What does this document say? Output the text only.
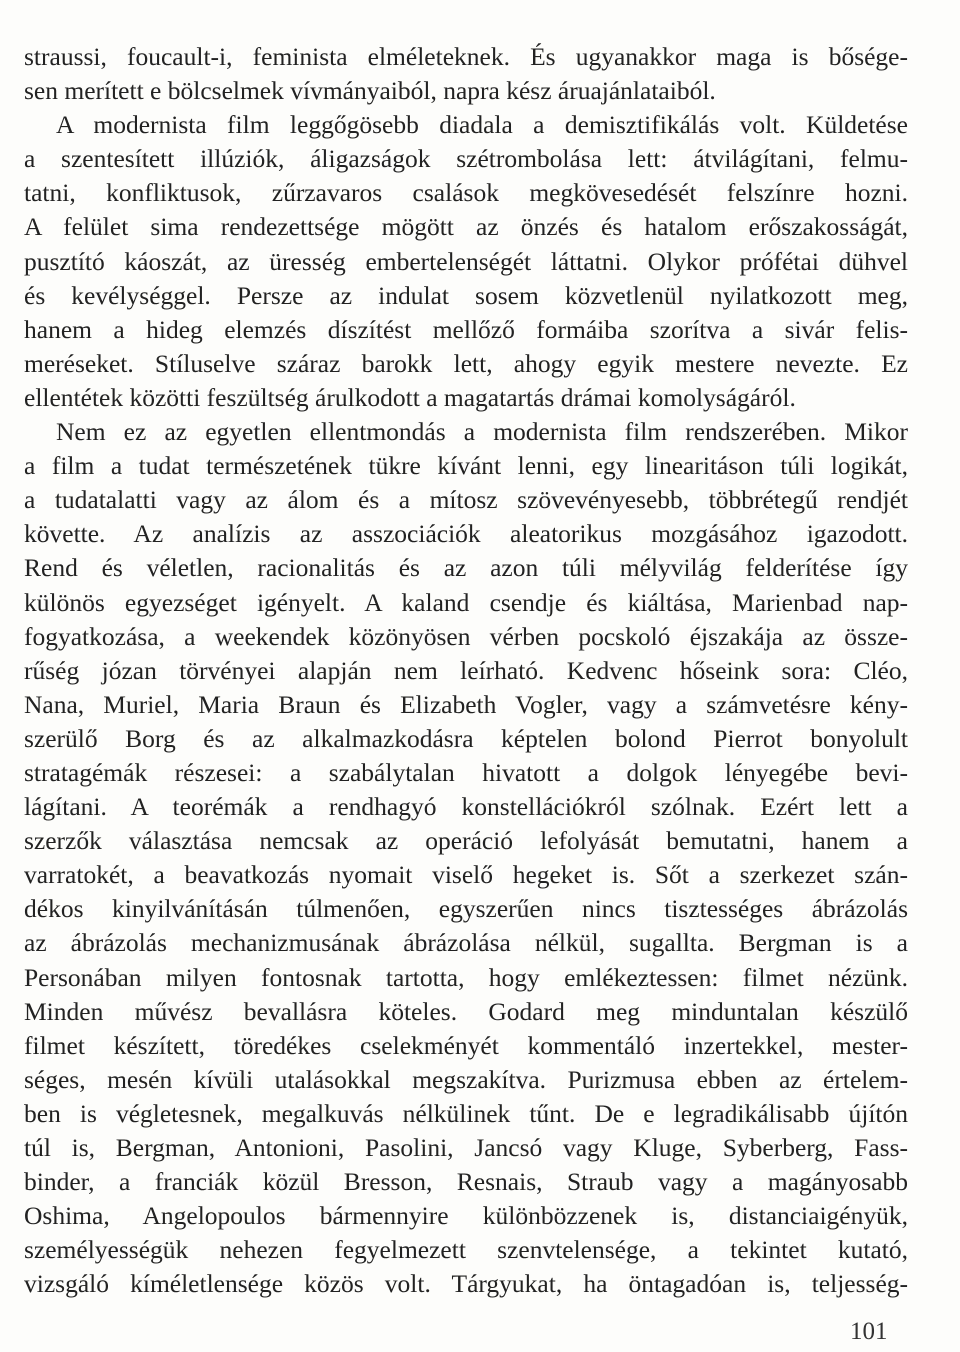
straussi, foucault-i, feminista elméleteknek. És ugyanakkor maga is bősége-
sen merített e bölcselmek vívmányaiból, napra kész áruajánlataiból.
A modernista film leggőgösebb diadala a demisztifikálás volt. Küldetése
a szentesített illúziók, áligazságok szétrombolása lett: átvilágítani, felmu-
tatni, konfliktusok, zűrzavaros csalások megkövesedését felszínre hozni.
A felület sima rendezettsége mögött az önzés és hatalom erőszakosságát,
pusztító káoszát, az üresség embertelenségét láttatni. Olykor prófétai dühvel
és kevélységgel. Persze az indulat sosem közvetlenül nyilatkozott meg,
hanem a hideg elemzés díszítést mellőző formáiba szorítva a sivár felis-
meréseket. Stíluselve száraz barokk lett, ahogy egyik mestere nevezte. Ez
ellentétek közötti feszültség árulkodott a magatartás drámai komolyságáról.
Nem ez az egyetlen ellentmondás a modernista film rendszerében. Mikor
a film a tudat természetének tükre kívánt lenni, egy linearitáson túli logikát,
a tudatalatti vagy az álom és a mítosz szövevényesebb, többrétegű rendjét
követte. Az analízis az asszociációk aleatorikus mozgásához igazodott.
Rend és véletlen, racionalitás és az azon túli mélyvilág felderítése így
különös egyezséget igényelt. A kaland csendje és kiáltása, Marienbad nap-
fogyatkozása, a weekendek közönyösen vérben pocskoló éjszakája az össze-
rűség józan törvényei alapján nem leírható. Kedvenc hőseink sora: Cléo,
Nana, Muriel, Maria Braun és Elizabeth Vogler, vagy a számvetésre kény-
szerülő Borg és az alkalmazkodásra képtelen bolond Pierrot bonyolult
stratagémák részesei: a szabálytalan hivatott a dolgok lényegébe bevi-
lágítani. A teorémák a rendhagyó konstellációkról szólnak. Ezért lett a
szerzők választása nemcsak az operáció lefolyását bemutatni, hanem a
varratokét, a beavatkozás nyomait viselő hegeket is. Sőt a szerkezet szán-
dékos kinyilvánításán túlmenően, egyszerűen nincs tisztességes ábrázolás
az ábrázolás mechanizmusának ábrázolása nélkül, sugallta. Bergman is a
Personában milyen fontosnak tartotta, hogy emlékeztessen: filmet nézünk.
Minden művész bevallásra köteles. Godard meg minduntalan készülő
filmet készített, töredékes cselekményét kommentáló inzertekkel, mester-
séges, mesén kívüli utalásokkal megszakítva. Purizmusa ebben az értelem-
ben is végletesnek, megalkuvás nélkülinek tűnt. De e legradikálisabb újítón
túl is, Bergman, Antonioni, Pasolini, Jancsó vagy Kluge, Syberberg, Fass-
binder, a franciák közül Bresson, Resnais, Straub vagy a magányosabb
Oshima, Angelopoulos bármennyire különbözzenek is, distanciaigényük,
személyességük nehezen fegyelmezett szenvtelensége, a tekintet kutató,
vizsgáló kíméletlensége közös volt. Tárgyukat, ha öntagadóan is, teljesség-
101
